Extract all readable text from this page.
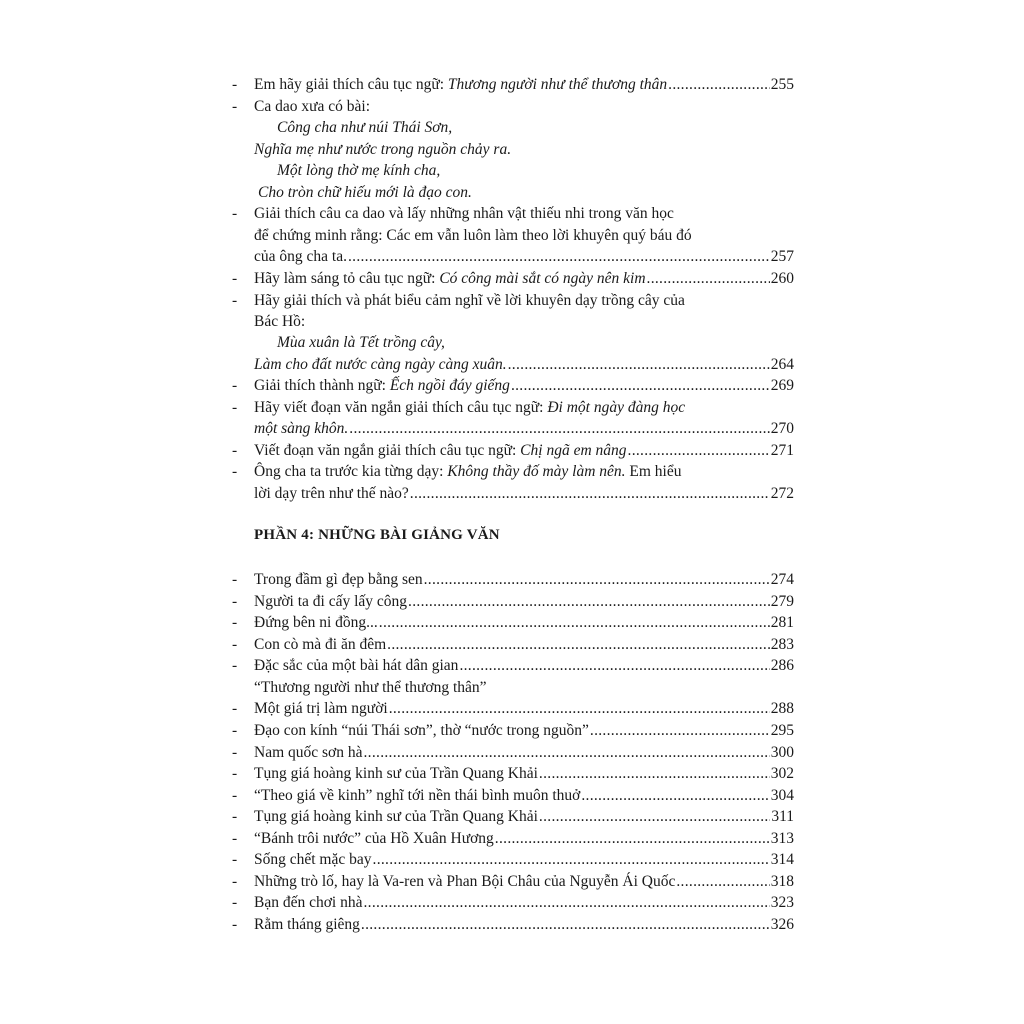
-	Em hãy giải thích câu tục ngữ: Thương người như thể thương thân .....	255
-	Ca dao xưa có bài:
Công cha như núi Thái Sơn,
Nghĩa mẹ như nước trong nguồn chảy ra.
Một lòng thờ mẹ kính cha,
Cho tròn chữ hiếu mới là đạo con.
-	Giải thích câu ca dao và lấy những nhân vật thiếu nhi trong văn học
để chứng minh rằng: Các em vẫn luôn làm theo lời khuyên quý báu đó
của ông cha ta. .....	257
-	Hãy làm sáng tỏ câu tục ngữ: Có công mài sắt có ngày nên kim .....	260
-	Hãy giải thích và phát biểu cảm nghĩ về lời khuyên dạy trồng cây của
Bác Hồ:
Mùa xuân là Tết trồng cây,
Làm cho đất nước càng ngày càng xuân. .....	264
-	Giải thích thành ngữ: Ếch ngồi đáy giếng .....	269
-	Hãy viết đoạn văn ngắn giải thích câu tục ngữ: Đi một ngày đàng học
một sàng khôn. .....	270
-	Viết đoạn văn ngắn giải thích câu tục ngữ: Chị ngã em nâng .....	271
-	Ông cha ta trước kia từng dạy: Không thầy đố mày làm nên. Em hiểu
lời dạy trên như thế nào? .....	272
PHẦN 4: NHỮNG BÀI GIẢNG VĂN
-	Trong đầm gì đẹp bằng sen .....	274
-	Người ta đi cấy lấy công .....	279
-	Đứng bên ni đồng... .....	281
-	Con cò mà đi ăn đêm .....	283
-	Đặc sắc của một bài hát dân gian .....	286
“Thương người như thể thương thân”
-	Một giá trị làm người .....	288
-	Đạo con kính “núi Thái sơn”, thờ “nước trong nguồn” .....	295
-	Nam quốc sơn hà .....	300
-	Tụng giá hoàng kinh sư của Trần Quang Khải .....	302
-	“Theo giá về kinh” nghĩ tới nền thái bình muôn thuở .....	304
-	Tụng giá hoàng kinh sư của Trần Quang Khải .....	311
-	“Bánh trôi nước” của Hồ Xuân Hương .....	313
-	Sống chết mặc bay .....	314
-	Những trò lố, hay là Va-ren và Phan Bội Châu của Nguyễn Ái Quốc .....	318
-	Bạn đến chơi nhà .....	323
-	Rằm tháng giêng .....	326
